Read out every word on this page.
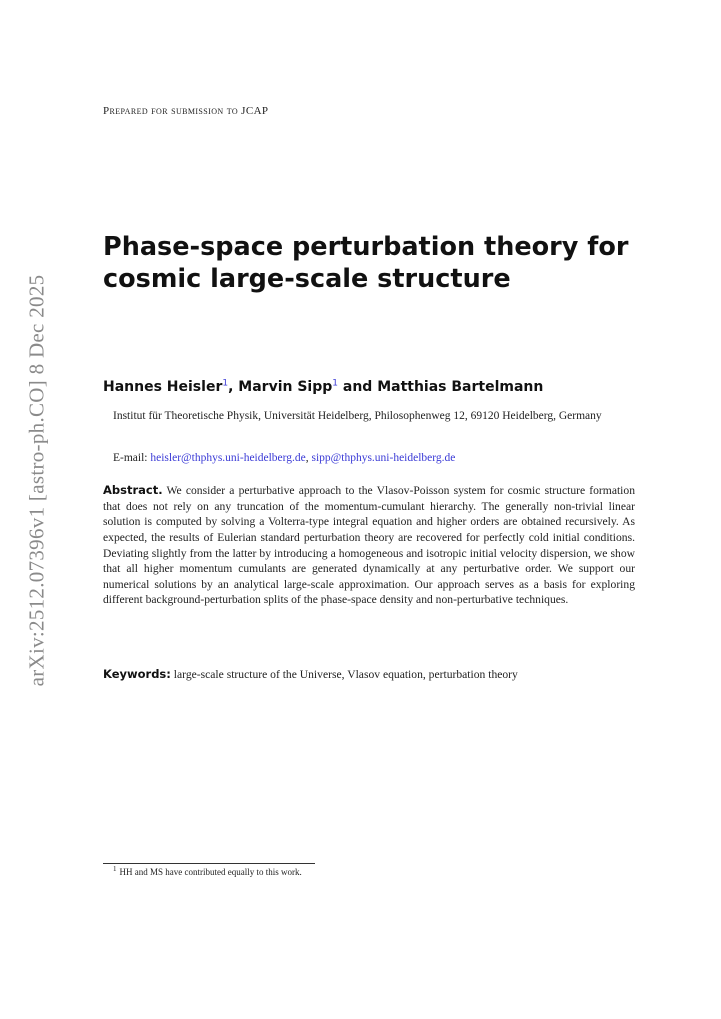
arXiv:2512.07396v1 [astro-ph.CO] 8 Dec 2025
Prepared for submission to JCAP
Phase-space perturbation theory for
cosmic large-scale structure
Hannes Heisler$^1$, Marvin Sipp$^1$ and Matthias Bartelmann
Institut für Theoretische Physik, Universität Heidelberg, Philosophenweg 12, 69120 Heidelberg, Germany
E-mail: heisler@thphys.uni-heidelberg.de, sipp@thphys.uni-heidelberg.de
Abstract. We consider a perturbative approach to the Vlasov-Poisson system for cosmic structure formation that does not rely on any truncation of the momentum-cumulant hierarchy. The generally non-trivial linear solution is computed by solving a Volterra-type integral equation and higher orders are obtained recursively. As expected, the results of Eulerian standard perturbation theory are recovered for perfectly cold initial conditions. Deviating slightly from the latter by introducing a homogeneous and isotropic initial velocity dispersion, we show that all higher momentum cumulants are generated dynamically at any perturbative order. We support our numerical solutions by an analytical large-scale approximation. Our approach serves as a basis for exploring different background-perturbation splits of the phase-space density and non-perturbative techniques.
Keywords: large-scale structure of the Universe, Vlasov equation, perturbation theory
$^1$ HH and MS have contributed equally to this work.
